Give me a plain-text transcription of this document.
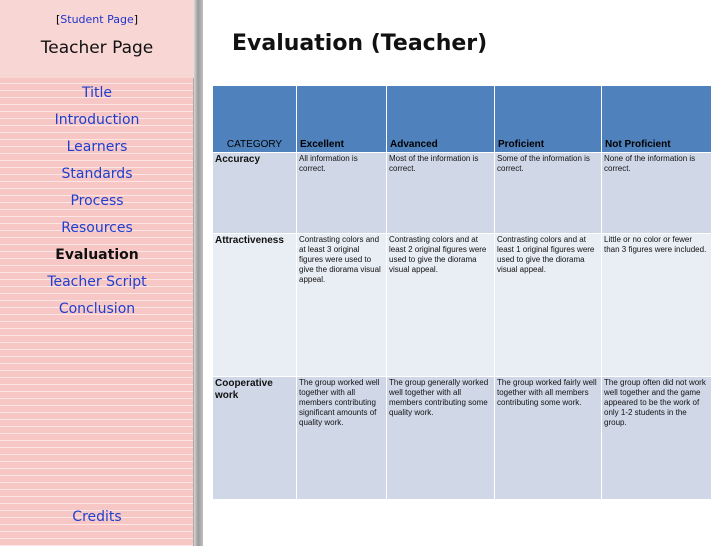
[Student Page]
Teacher Page
Title
Introduction
Learners
Standards
Process
Resources
Evaluation
Teacher Script
Conclusion
Credits
Evaluation (Teacher)
CATEGORY	Excellent	Advanced	Proficient	Not Proficient
Accuracy	All information is correct.	Most of the information is correct.	Some of the information is correct.	None of the information is correct.
Attractiveness	Contrasting colors and at least 3 original figures were used to give the diorama visual appeal.	Contrasting colors and at least 2 original figures were used to give the diorama visual appeal.	Contrasting colors and at least 1 original figures were used to give the diorama visual appeal.	Little or no color or fewer than 3 figures were included.
Cooperative work	The group worked well together with all members contributing significant amounts of quality work.	The group generally worked well together with all members contributing some quality work.	The group worked fairly well together with all members contributing some work.	The group often did not work well together and the game appeared to be the work of only 1-2 students in the group.
